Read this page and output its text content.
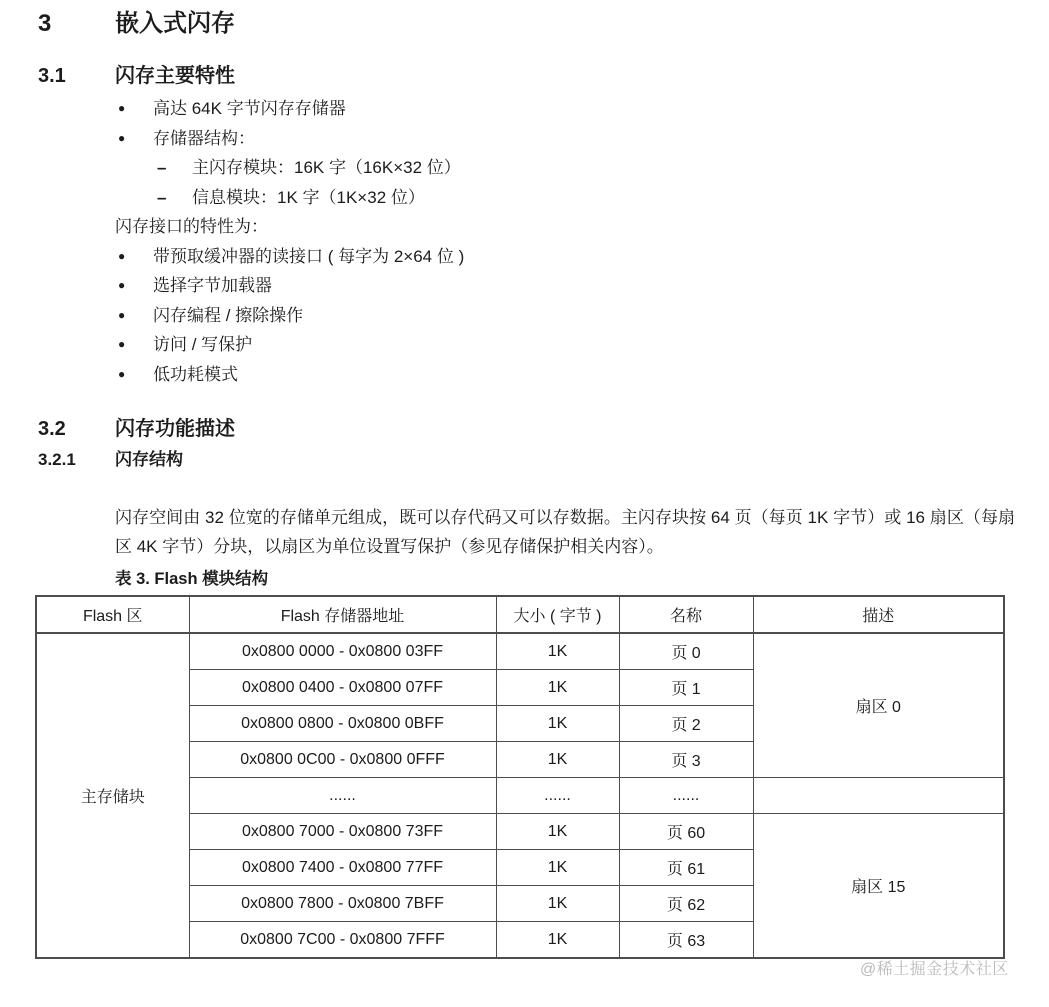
3	嵌入式闪存
3.1	闪存主要特性
●	高达 64K 字节闪存存储器
●	存储器结构：
–	主闪存模块：16K 字（16K×32 位）
–	信息模块：1K 字（1K×32 位）
闪存接口的特性为：
●	带预取缓冲器的读接口 ( 每字为 2×64 位 )
●	选择字节加载器
●	闪存编程 / 擦除操作
●	访问 / 写保护
●	低功耗模式
3.2	闪存功能描述
3.2.1	闪存结构
闪存空间由 32 位宽的存储单元组成，既可以存代码又可以存数据。主闪存块按 64 页（每页 1K 字节）或 16 扇区（每扇区 4K 字节）分块，以扇区为单位设置写保护（参见存储保护相关内容）。
表 3. Flash 模块结构
Flash 区	Flash 存储器地址	大小 ( 字节 )	名称	描述
主存储块	0x0800 0000 - 0x0800 03FF	1K	页 0	扇区 0
	0x0800 0400 - 0x0800 07FF	1K	页 1	
	0x0800 0800 - 0x0800 0BFF	1K	页 2	
	0x0800 0C00 - 0x0800 0FFF	1K	页 3	
	......	......	......	
	0x0800 7000 - 0x0800 73FF	1K	页 60	扇区 15
	0x0800 7400 - 0x0800 77FF	1K	页 61	
	0x0800 7800 - 0x0800 7BFF	1K	页 62	
	0x0800 7C00 - 0x0800 7FFF	1K	页 63	
@稀土掘金技术社区
